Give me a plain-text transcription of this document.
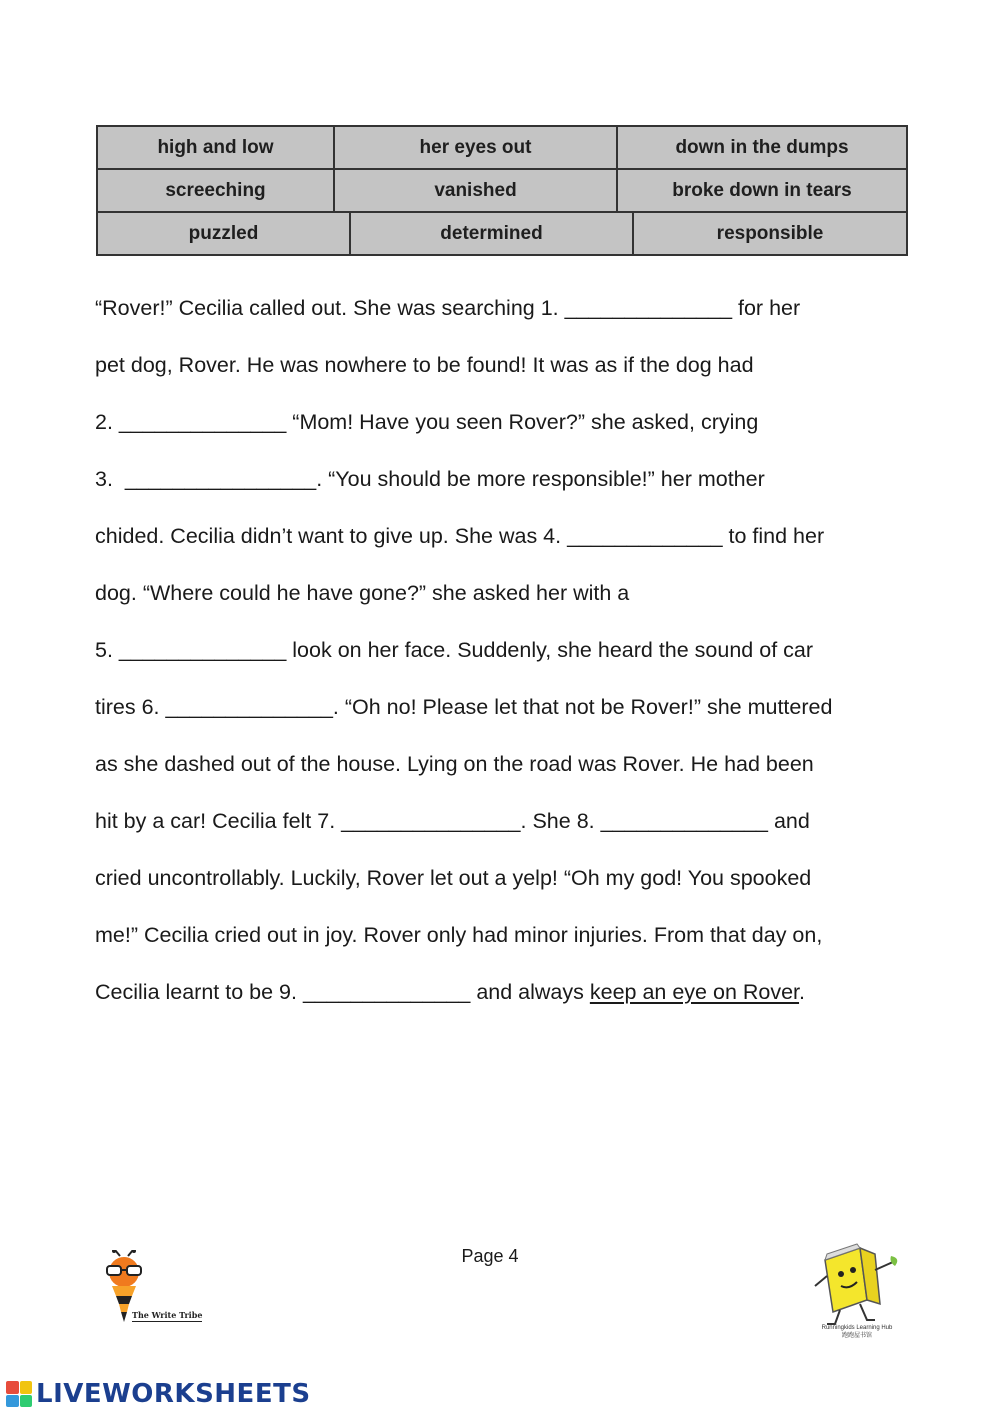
high and low	her eyes out	down in the dumps
screeching	vanished	broke down in tears
puzzled	determined	responsible
“Rover!” Cecilia called out. She was searching 1. ______________ for her
pet dog, Rover. He was nowhere to be found! It was as if the dog had
2. ______________ “Mom! Have you seen Rover?” she asked, crying
3.  ________________. “You should be more responsible!” her mother
chided. Cecilia didn’t want to give up. She was 4. _____________ to find her
dog. “Where could he have gone?” she asked her with a
5. ______________ look on her face. Suddenly, she heard the sound of car
tires 6. ______________. “Oh no! Please let that not be Rover!” she muttered
as she dashed out of the house. Lying on the road was Rover. He had been
hit by a car! Cecilia felt 7. _______________. She 8. ______________ and
cried uncontrollably. Luckily, Rover let out a yelp! “Oh my god! You spooked
me!” Cecilia cried out in joy. Rover only had minor injuries. From that day on,
Cecilia learnt to be 9. ______________ and always keep an eye on Rover.
Page 4
The Write Tribe
Runningkids Learning Hub
跑跑屋书馆
LIVEWORKSHEETS
